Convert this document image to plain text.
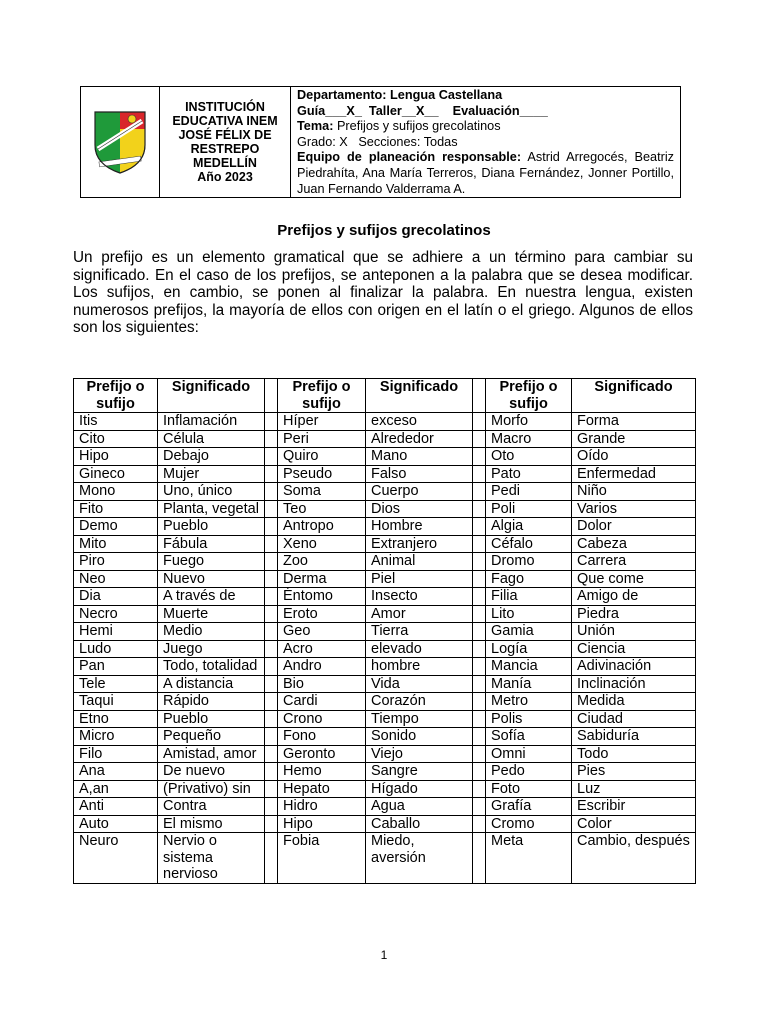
INSTITUCIÓN
EDUCATIVA INEM
JOSÉ FÉLIX DE
RESTREPO
MEDELLÍN
Año 2023

Departamento: Lengua Castellana
Guía___X_  Taller__X__    Evaluación____
Tema: Prefijos y sufijos grecolatinos
Grado: X   Secciones: Todas
Equipo de planeación responsable: Astrid Arregocés, Beatriz Piedrahíta, Ana María Terreros, Diana Fernández, Jonner Portillo, Juan Fernando Valderrama A.
Prefijos y sufijos grecolatinos

Un prefijo es un elemento gramatical que se adhiere a un término para cambiar su significado. En el caso de los prefijos, se anteponen a la palabra que se desea modificar. Los sufijos, en cambio, se ponen al finalizar la palabra. En nuestra lengua, existen numerosos prefijos, la mayoría de ellos con origen en el latín o el griego. Algunos de ellos son los siguientes:

Prefijo o sufijo	Significado		Prefijo o sufijo	Significado		Prefijo o sufijo	Significado
Itis	Inflamación		Híper	exceso		Morfo	Forma
Cito	Célula		Peri	Alrededor		Macro	Grande
Hipo	Debajo		Quiro	Mano		Oto	Oído
Gineco	Mujer		Pseudo	Falso		Pato	Enfermedad
Mono	Uno, único		Soma	Cuerpo		Pedi	Niño
Fito	Planta, vegetal		Teo	Dios		Poli	Varios
Demo	Pueblo		Antropo	Hombre		Algia	Dolor
Mito	Fábula		Xeno	Extranjero		Céfalo	Cabeza
Piro	Fuego		Zoo	Animal		Dromo	Carrera
Neo	Nuevo		Derma	Piel		Fago	Que come
Dia	A través de		Éntomo	Insecto		Filia	Amigo de
Necro	Muerte		Eroto	Amor		Lito	Piedra
Hemi	Medio		Geo	Tierra		Gamia	Unión
Ludo	Juego		Acro	elevado		Logía	Ciencia
Pan	Todo, totalidad		Andro	hombre		Mancia	Adivinación
Tele	A distancia		Bio	Vida		Manía	Inclinación
Taqui	Rápido		Cardi	Corazón		Metro	Medida
Etno	Pueblo		Crono	Tiempo		Polis	Ciudad
Micro	Pequeño		Fono	Sonido		Sofía	Sabiduría
Filo	Amistad, amor		Geronto	Viejo		Omni	Todo
Ana	De nuevo		Hemo	Sangre		Pedo	Pies
A,an	(Privativo) sin		Hepato	Hígado		Foto	Luz
Anti	Contra		Hidro	Agua		Grafía	Escribir
Auto	El mismo		Hipo	Caballo		Cromo	Color
Neuro	Nervio o sistema nervioso		Fobia	Miedo, aversión		Meta	Cambio, después
1
